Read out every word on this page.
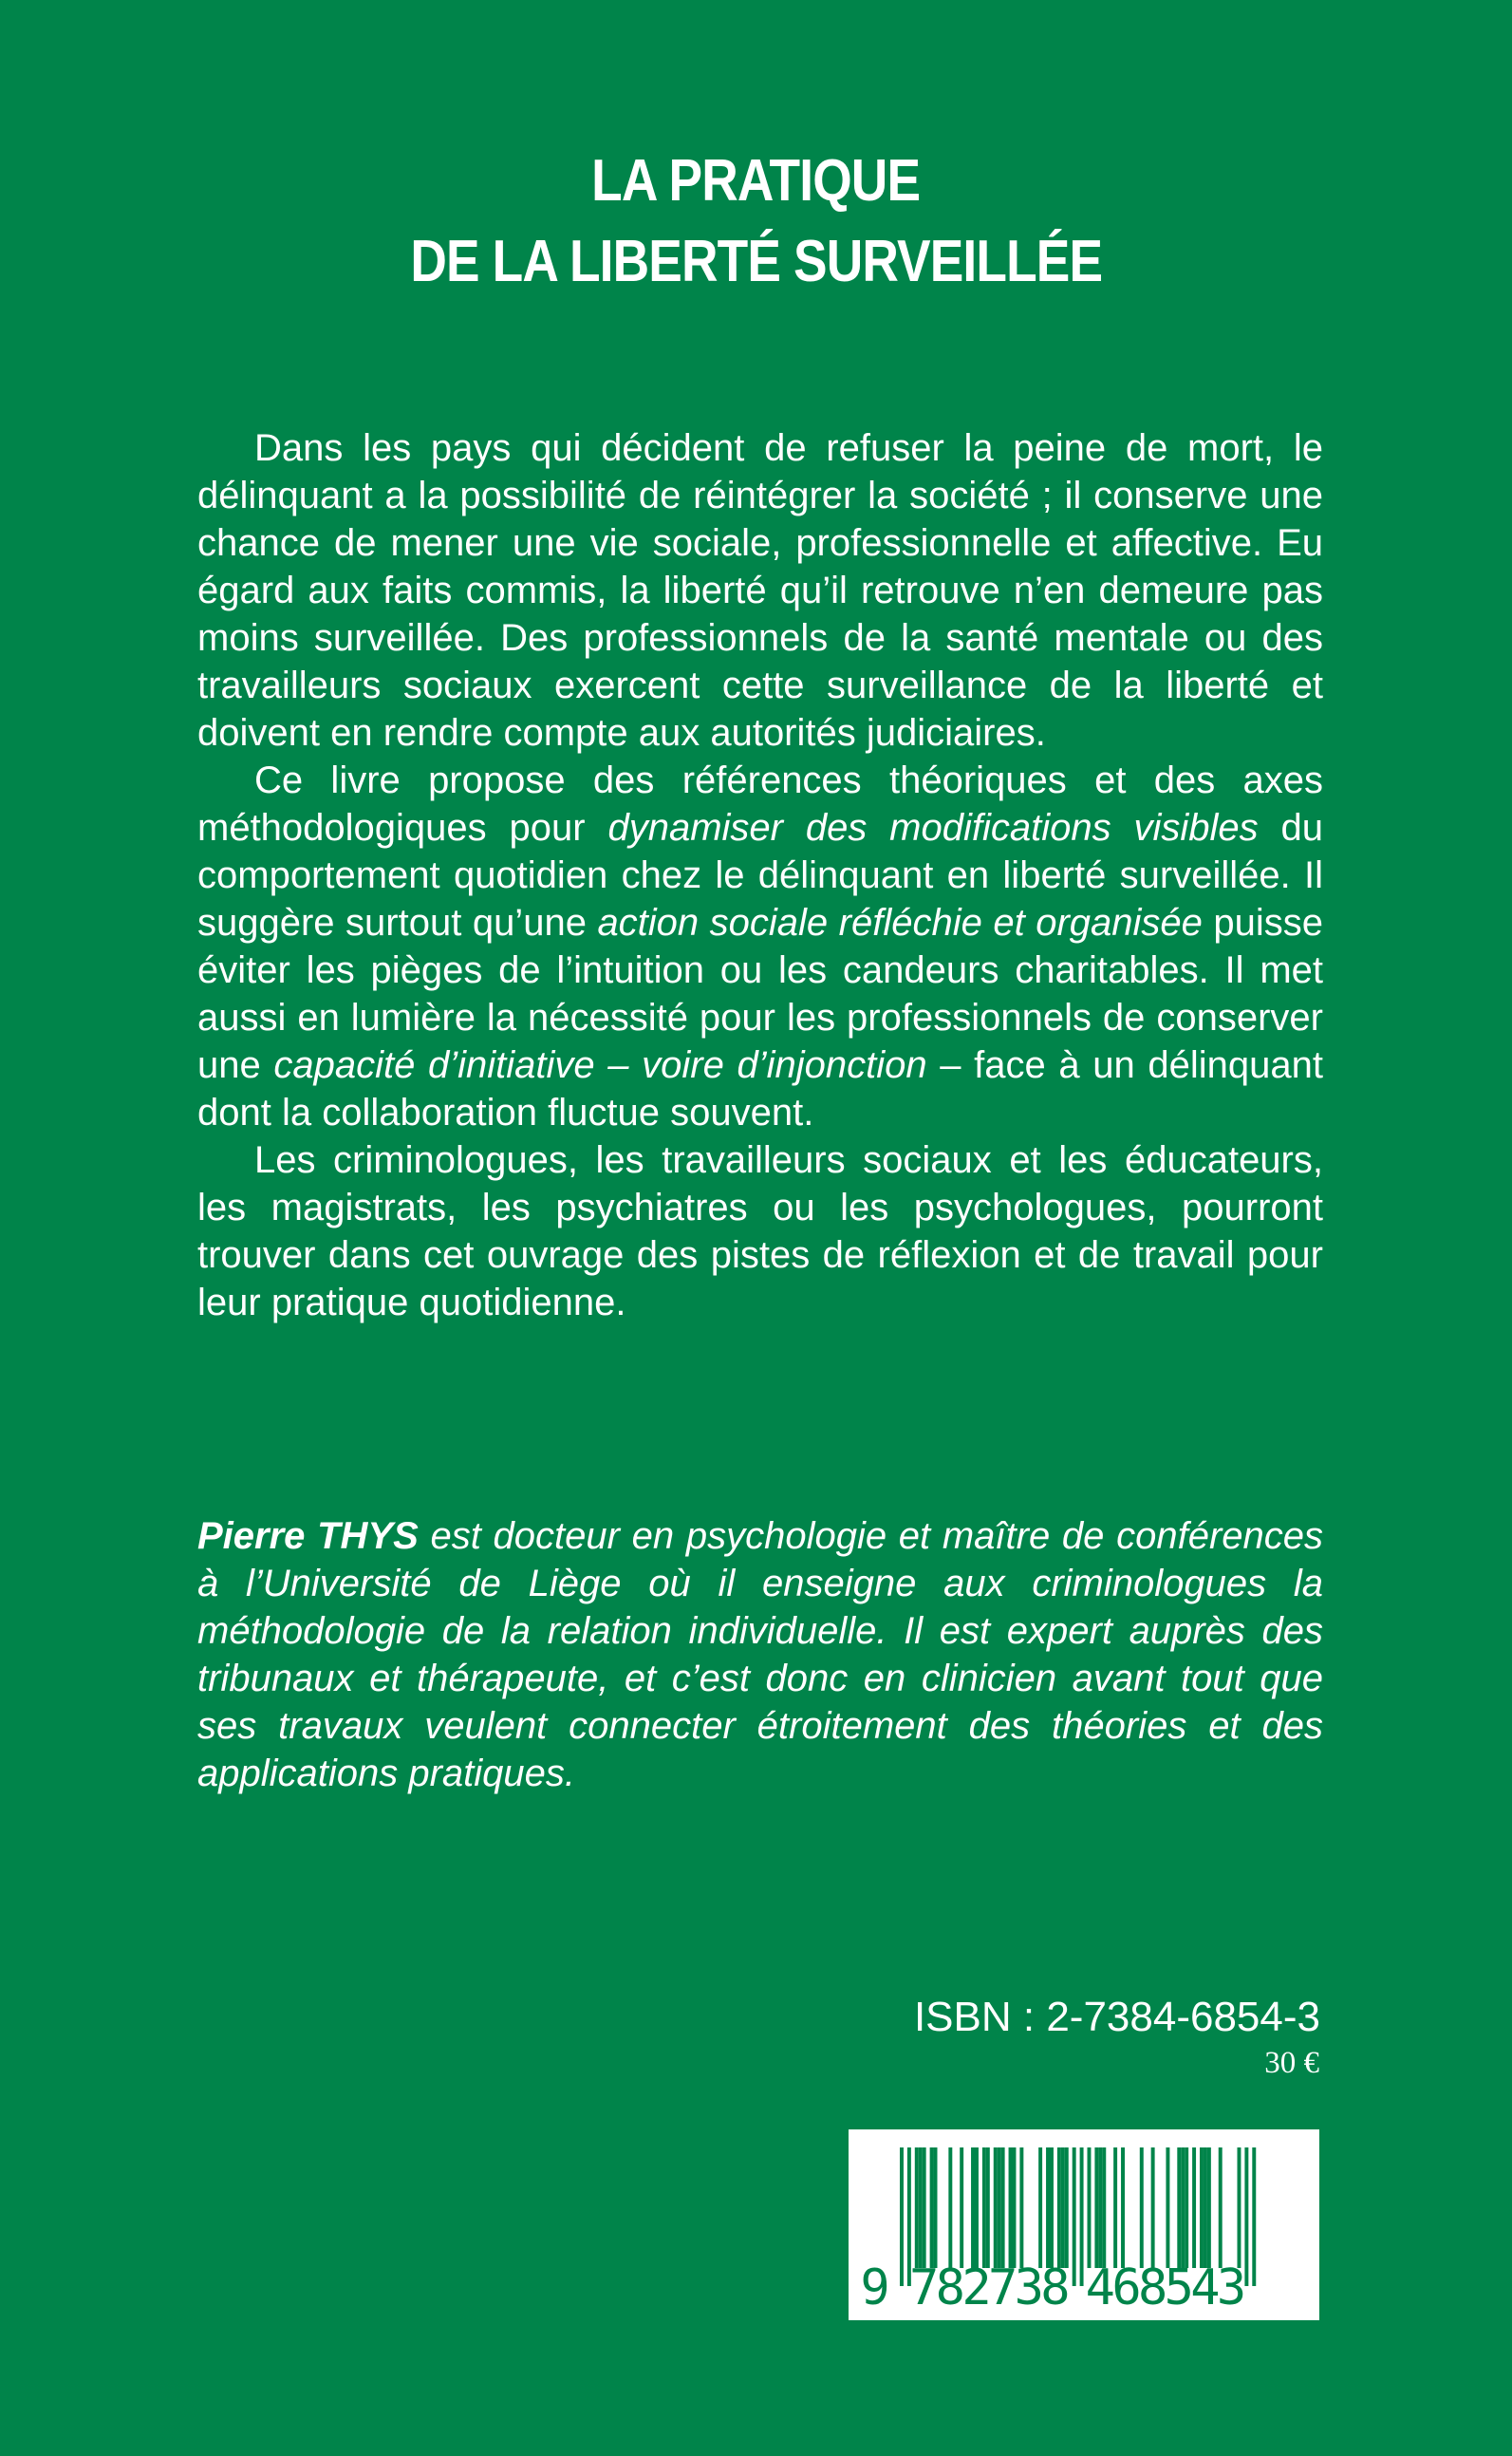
LA PRATIQUE
DE LA LIBERTÉ SURVEILLÉE

Dans les pays qui décident de refuser la peine de mort, le délinquant a la possibilité de réintégrer la société ; il conserve une chance de mener une vie sociale, professionnelle et affective. Eu égard aux faits commis, la liberté qu’il retrouve n’en demeure pas moins surveillée. Des professionnels de la santé mentale ou des travailleurs sociaux exercent cette surveillance de la liberté et doivent en rendre compte aux autorités judiciaires.

Ce livre propose des références théoriques et des axes méthodologiques pour dynamiser des modifications visibles du comportement quotidien chez le délinquant en liberté surveillée. Il suggère surtout qu’une action sociale réfléchie et organisée puisse éviter les pièges de l’intuition ou les candeurs charitables. Il met aussi en lumière la nécessité pour les professionnels de conserver une capacité d’initiative – voire d’injonction – face à un délinquant dont la collaboration fluctue souvent.

Les criminologues, les travailleurs sociaux et les éducateurs, les magistrats, les psychiatres ou les psychologues, pourront trouver dans cet ouvrage des pistes de réflexion et de travail pour leur pratique quotidienne.

Pierre THYS est docteur en psychologie et maître de conférences à l’Université de Liège où il enseigne aux criminologues la méthodologie de la relation individuelle. Il est expert auprès des tribunaux et thérapeute, et c’est donc en clinicien avant tout que ses travaux veulent connecter étroitement des théories et des applications pratiques.

ISBN : 2-7384-6854-3
30 €
9 7
8
2
7
3
8 4
6
8
5
4
3
